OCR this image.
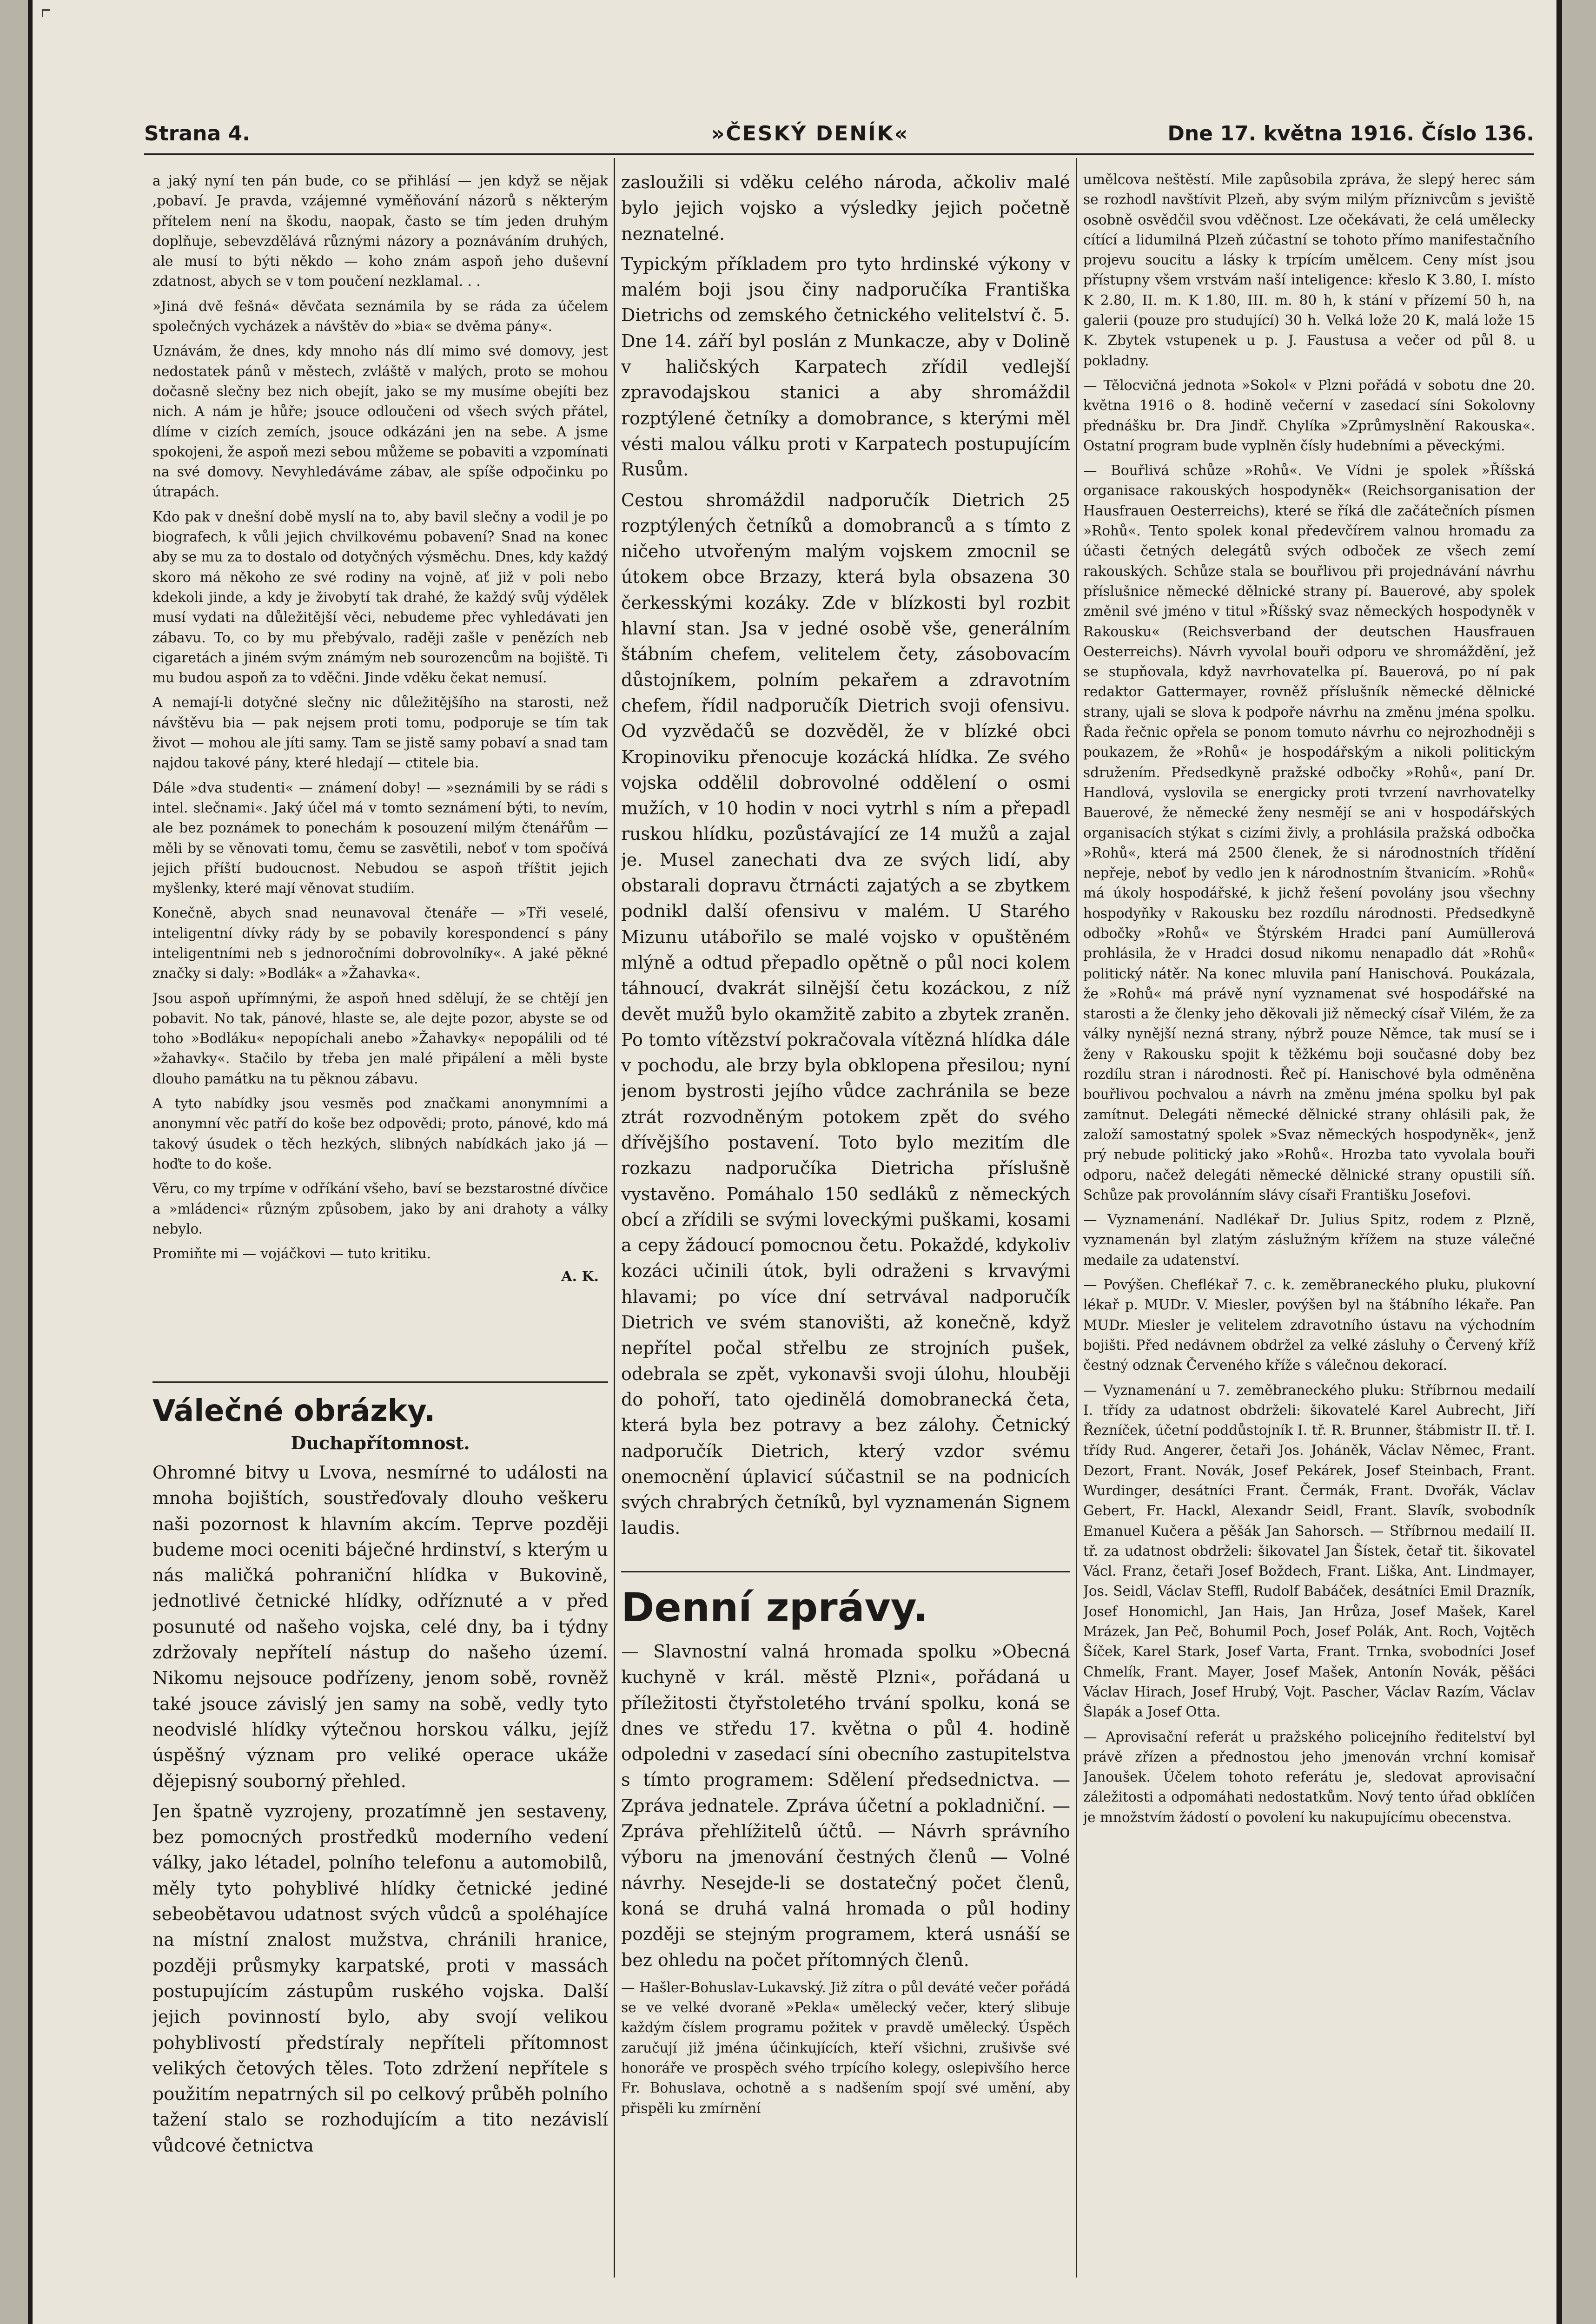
Strana 4.	»ČESKÝ DENÍK«	Dne 17. května 1916. Číslo 136.

a jaký nyní ten pán bude, co se přihlásí — jen když se nějak ,pobaví. Je pravda, vzájemné vyměňování názorů s některým přítelem není na škodu, naopak, často se tím jeden druhým doplňuje, sebevzdělává různými názory a poznáváním druhých, ale musí to býti někdo — koho znám aspoň jeho duševní zdatnost, abych se v tom poučení nezklamal. . .

»Jiná dvě fešná« děvčata seznámila by se ráda za účelem společných vycházek a návštěv do »bia« se dvěma pány«.

Uznávám, že dnes, kdy mnoho nás dlí mimo své domovy, jest nedostatek pánů v městech, zvláště v malých, proto se mohou dočasně slečny bez nich obejít, jako se my musíme obejíti bez nich. A nám je hůře; jsouce odloučeni od všech svých přátel, dlíme v cizích zemích, jsouce odkázáni jen na sebe. A jsme spokojeni, že aspoň mezi sebou můžeme se pobaviti a vzpomínati na své domovy. Nevyhledáváme zábav, ale spíše odpočinku po útrapách.

Kdo pak v dnešní době myslí na to, aby bavil slečny a vodil je po biografech, k vůli jejich chvilkovému pobavení? Snad na konec aby se mu za to dostalo od dotyčných výsměchu. Dnes, kdy každý skoro má někoho ze své rodiny na vojně, ať již v poli nebo kdekoli jinde, a kdy je živobytí tak drahé, že každý svůj výdělek musí vydati na důležitější věci, nebudeme přec vyhledávati jen zábavu. To, co by mu přebývalo, raději zašle v penězích neb cigaretách a jiném svým známým neb sourozencům na bojiště. Ti mu budou aspoň za to vděčni. Jinde vděku čekat nemusí.

A nemají-li dotyčné slečny nic důležitějšího na starosti, než návštěvu bia — pak nejsem proti tomu, podporuje se tím tak život — mohou ale jíti samy. Tam se jistě samy pobaví a snad tam najdou takové pány, které hledají — ctitele bia.

Dále »dva studenti« — známení doby! — »seznámili by se rádi s intel. slečnami«. Jaký účel má v tomto seznámení býti, to nevím, ale bez poznámek to ponechám k posouzení milým čtenářům — měli by se věnovati tomu, čemu se zasvětili, neboť v tom spočívá jejich příští budoucnost. Nebudou se aspoň tříštit jejich myšlenky, které mají věnovat studiím.

Konečně, abych snad neunavoval čtenáře — »Tři veselé, inteligentní dívky rády by se pobavily korespondencí s pány inteligentními neb s jednoročními dobrovolníky«. A jaké pěkné značky si daly: »Bodlák« a »Žahavka«.

Jsou aspoň upřímnými, že aspoň hned sdělují, že se chtějí jen pobavit. No tak, pánové, hlaste se, ale dejte pozor, abyste se od toho »Bodláku« nepopíchali anebo »Žahavky« nepopálili od té »žahavky«. Stačilo by třeba jen malé připálení a měli byste dlouho památku na tu pěknou zábavu.

A tyto nabídky jsou vesměs pod značkami anonymními a anonymní věc patří do koše bez odpovědi; proto, pánové, kdo má takový úsudek o těch hezkých, slibných nabídkách jako já — hoďte to do koše.

Věru, co my trpíme v odříkání všeho, baví se bezstarostné dívčice a »mládenci« různým způsobem, jako by ani drahoty a války nebylo.

Promiňte mi — vojáčkovi — tuto kritiku.

A. K.
Válečné obrázky.
Duchapřítomnost.

Ohromné bitvy u Lvova, nesmírné to události na mnoha bojištích, soustřeďovaly dlouho veškeru naši pozornost k hlavním akcím. Teprve později budeme moci oceniti báječné hrdinství, s kterým u nás maličká pohraniční hlídka v Bukovině, jednotlivé četnické hlídky, odříznuté a v před posunuté od našeho vojska, celé dny, ba i týdny zdržovaly nepřítelí nástup do našeho území. Nikomu nejsouce podřízeny, jenom sobě, rovněž také jsouce závislý jen samy na sobě, vedly tyto neodvislé hlídky výtečnou horskou válku, jejíž úspěšný význam pro veliké operace ukáže dějepisný souborný přehled.

Jen špatně vyzrojeny, prozatímně jen sestaveny, bez pomocných prostředků moderního vedení války, jako létadel, polního telefonu a automobilů, měly tyto pohyblivé hlídky četnické jediné sebeobětavou udatnost svých vůdců a spoléhajíce na místní znalost mužstva, chránili hranice, později průsmyky karpatské, proti v massách postupujícím zástupům ruského vojska. Další jejich povinností bylo, aby svojí velikou pohyblivostí předstíraly nepříteli přítomnost velikých četových těles. Toto zdržení nepřítele s použitím nepatrných sil po celkový průběh polního tažení stalo se rozhodujícím a tito nezávislí vůdcové četnictva

zasloužili si vděku celého národa, ačkoliv malé bylo jejich vojsko a výsledky jejich početně neznatelné.

Typickým příkladem pro tyto hrdinské výkony v malém boji jsou činy nadporučíka Františka Dietrichs od zemského četnického velitelství č. 5. Dne 14. září byl poslán z Munkacze, aby v Dolině v haličských Karpatech zřídil vedlejší zpravodajskou stanici a aby shromáždil rozptýlené četníky a domobrance, s kterými měl vésti malou válku proti v Karpatech postupujícím Rusům.

Cestou shromáždil nadporučík Dietrich 25 rozptýlených četníků a domobranců a s tímto z ničeho utvořeným malým vojskem zmocnil se útokem obce Brzazy, která byla obsazena 30 čerkesskými kozáky. Zde v blízkosti byl rozbit hlavní stan. Jsa v jedné osobě vše, generálním štábním chefem, velitelem čety, zásobovacím důstojníkem, polním pekařem a zdravotním chefem, řídil nadporučík Dietrich svoji ofensivu. Od vyzvědačů se dozvěděl, že v blízké obci Kropinoviku přenocuje kozácká hlídka. Ze svého vojska oddělil dobrovolné oddělení o osmi mužích, v 10 hodin v noci vytrhl s ním a přepadl ruskou hlídku, pozůstávající ze 14 mužů a zajal je. Musel zanechati dva ze svých lidí, aby obstarali dopravu čtrnácti zajatých a se zbytkem podnikl další ofensivu v malém. U Starého Mizunu utábořilo se malé vojsko v opuštěném mlýně a odtud přepadlo opětně o půl noci kolem táhnoucí, dvakrát silnější četu kozáckou, z níž devět mužů bylo okamžitě zabito a zbytek zraněn. Po tomto vítězství pokračovala vítězná hlídka dále v pochodu, ale brzy byla obklopena přesilou; nyní jenom bystrosti jejího vůdce zachránila se beze ztrát rozvodněným potokem zpět do svého dřívějšího postavení. Toto bylo mezitím dle rozkazu nadporučíka Dietricha příslušně vystavěno. Pomáhalo 150 sedláků z německých obcí a zřídili se svými loveckými puškami, kosami a cepy žádoucí pomocnou četu. Pokaždé, kdykoliv kozáci učinili útok, byli odraženi s krvavými hlavami; po více dní setrvával nadporučík Dietrich ve svém stanovišti, až konečně, když nepřítel počal střelbu ze strojních pušek, odebrala se zpět, vykonavši svoji úlohu, hlouběji do pohoří, tato ojedinělá domobranecká četa, která byla bez potravy a bez zálohy. Četnický nadporučík Dietrich, který vzdor svému onemocnění úplavicí súčastnil se na podnicích svých chrabrých četníků, byl vyznamenán Signem laudis.

Denní zprávy.

— Slavnostní valná hromada spolku »Obecná kuchyně v král. městě Plzni«, pořádaná u příležitosti čtyřstoletého trvání spolku, koná se dnes ve středu 17. května o půl 4. hodině odpoledni v zasedací síni obecního zastupitelstva s tímto programem: Sdělení předsednictva. — Zpráva jednatele. Zpráva účetní a pokladniční. — Zpráva přehlížitelů účtů. — Návrh správního výboru na jmenování čestných členů — Volné návrhy. Nesejde-li se dostatečný počet členů, koná se druhá valná hromada o půl hodiny později se stejným programem, která usnáší se bez ohledu na počet přítomných členů.

— Hašler-Bohuslav-Lukavský. Již zítra o půl deváté večer pořádá se ve velké dvoraně »Pekla« umělecký večer, který slibuje každým číslem programu požitek v pravdě umělecký. Úspěch zaručují již jména účinkujících, kteří všichni, zrušivše své honoráře ve prospěch svého trpícího kolegy, oslepivšího herce Fr. Bohuslava, ochotně a s nadšením spojí své umění, aby přispěli ku zmírnění

umělcova neštěstí. Mile zapůsobila zpráva, že slepý herec sám se rozhodl navštívit Plzeň, aby svým milým příznivcům s jeviště osobně osvědčil svou vděčnost. Lze očekávati, že celá umělecky cítící a lidumilná Plzeň zúčastní se tohoto přímo manifestačního projevu soucitu a lásky k trpícím umělcem. Ceny míst jsou přístupny všem vrstvám naší inteligence: křeslo K 3.80, I. místo K 2.80, II. m. K 1.80, III. m. 80 h, k stání v přízemí 50 h, na galerii (pouze pro studující) 30 h. Velká lože 20 K, malá lože 15 K. Zbytek vstupenek u p. J. Faustusa a večer od půl 8. u pokladny.

— Tělocvičná jednota »Sokol« v Plzni pořádá v sobotu dne 20. května 1916 o 8. hodině večerní v zasedací síni Sokolovny přednášku br. Dra Jindř. Chylíka »Zprůmyslnění Rakouska«. Ostatní program bude vyplněn čísly hudebními a pěveckými.

— Bouřlivá schůze »Rohů«. Ve Vídni je spolek »Říšská organisace rakouských hospodyněk« (Reichsorganisation der Hausfrauen Oesterreichs), které se říká dle začátečních písmen »Rohů«. Tento spolek konal předevčírem valnou hromadu za účasti četných delegátů svých odboček ze všech zemí rakouských. Schůze stala se bouřlivou při projednávání návrhu příslušnice německé dělnické strany pí. Bauerové, aby spolek změnil své jméno v titul »Říšský svaz německých hospodyněk v Rakousku« (Reichsverband der deutschen Hausfrauen Oesterreichs). Návrh vyvolal bouři odporu ve shromáždění, jež se stupňovala, když navrhovatelka pí. Bauerová, po ní pak redaktor Gattermayer, rovněž příslušník německé dělnické strany, ujali se slova k podpoře návrhu na změnu jména spolku. Řada řečnic opřela se ponom tomuto návrhu co nejrozhodněji s poukazem, že »Rohů« je hospodářským a nikoli politickým sdružením. Předsedkyně pražské odbočky »Rohů«, paní Dr. Handlová, vyslovila se energicky proti tvrzení navrhovatelky Bauerové, že německé ženy nesmějí se ani v hospodářských organisacích stýkat s cizími živly, a prohlásila pražská odbočka »Rohů«, která má 2500 členek, že si národnostních třídění nepřeje, neboť by vedlo jen k národnostním štvanicím. »Rohů« má úkoly hospodářské, k jichž řešení povolány jsou všechny hospodyňky v Rakousku bez rozdílu národnosti. Předsedkyně odbočky »Rohů« ve Štýrském Hradci paní Aumüllerová prohlásila, že v Hradci dosud nikomu nenapadlo dát »Rohů« politický nátěr. Na konec mluvila paní Hanischová. Poukázala, že »Rohů« má právě nyní vyznamenat své hospodářské na starosti a že členky jeho děkovali již německý císař Vilém, že za války nynější nezná strany, nýbrž pouze Němce, tak musí se i ženy v Rakousku spojit k těžkému boji současné doby bez rozdílu stran i národnosti. Řeč pí. Hanischové byla odměněna bouřlivou pochvalou a návrh na změnu jména spolku byl pak zamítnut. Delegáti německé dělnické strany ohlásili pak, že založí samostatný spolek »Svaz německých hospodyněk«, jenž prý nebude politický jako »Rohů«. Hrozba tato vyvolala bouři odporu, načež delegáti německé dělnické strany opustili síň. Schůze pak provolánním slávy císaři Františku Josefovi.

— Vyznamenání. Nadlékař Dr. Julius Spitz, rodem z Plzně, vyznamenán byl zlatým záslužným křížem na stuze válečné medaile za udatenství.

— Povýšen. Cheflékař 7. c. k. zeměbraneckého pluku, plukovní lékař p. MUDr. V. Miesler, povýšen byl na štábního lékaře. Pan MUDr. Miesler je velitelem zdravotního ústavu na východním bojišti. Před nedávnem obdržel za velké zásluhy o Červený kříž čestný odznak Červeného kříže s válečnou dekorací.

— Vyznamenání u 7. zeměbraneckého pluku: Stříbrnou medailí I. třídy za udatnost obdrželi: šikovatelé Karel Aubrecht, Jiří Řezníček, účetní poddůstojník I. tř. R. Brunner, štábmistr II. tř. I. třídy Rud. Angerer, četaři Jos. Joháněk, Václav Němec, Frant. Dezort, Frant. Novák, Josef Pekárek, Josef Steinbach, Frant. Wurdinger, desátníci Frant. Čermák, Frant. Dvořák, Václav Gebert, Fr. Hackl, Alexandr Seidl, Frant. Slavík, svobodník Emanuel Kučera a pěšák Jan Sahorsch. — Stříbrnou medailí II. tř. za udatnost obdrželi: šikovatel Jan Šístek, četař tit. šikovatel Václ. Franz, četaři Josef Boždech, Frant. Liška, Ant. Lindmayer, Jos. Seidl, Václav Steffl, Rudolf Babáček, desátníci Emil Drazník, Josef Honomichl, Jan Hais, Jan Hrůza, Josef Mašek, Karel Mrázek, Jan Peč, Bohumil Poch, Josef Polák, Ant. Roch, Vojtěch Šíček, Karel Stark, Josef Varta, Frant. Trnka, svobodníci Josef Chmelík, Frant. Mayer, Josef Mašek, Antonín Novák, pěšáci Václav Hirach, Josef Hrubý, Vojt. Pascher, Václav Razím, Václav Šlapák a Josef Otta.

— Aprovisační referát u pražského policejního ředitelství byl právě zřízen a přednostou jeho jmenován vrchní komisař Janoušek. Účelem tohoto referátu je, sledovat aprovisační záležitosti a odpomáhati nedostatkům. Nový tento úřad obklíčen je množstvím žádostí o povolení ku nakupujícímu obecenstva.
